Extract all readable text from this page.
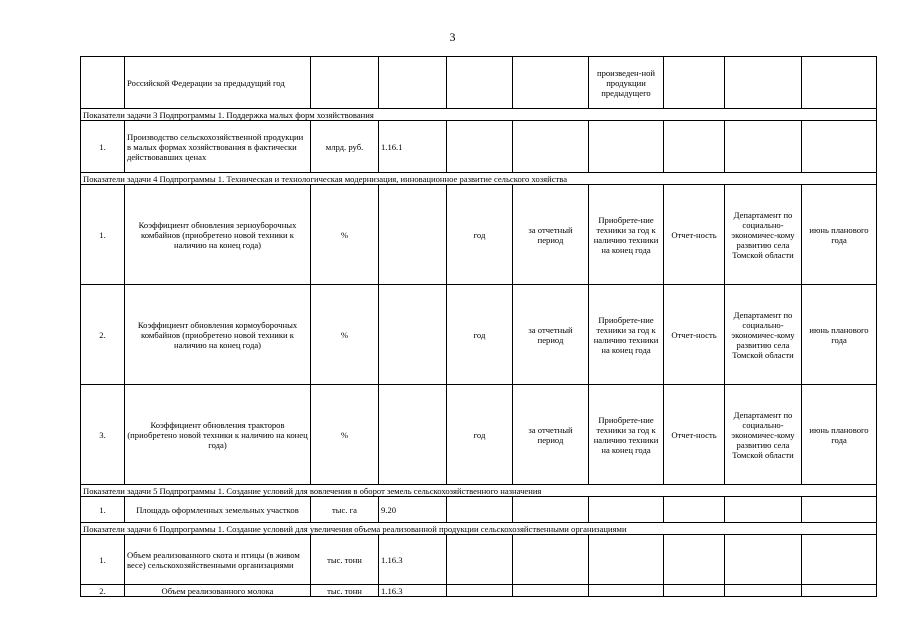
3
	Российской Федерации за предыдущий год					произведен-ной продукции предыдущего			
Показатели задачи 3 Подпрограммы 1. Поддержка малых форм хозяйствования									
1.	Производство сельскохозяйственной продукции в малых формах хозяйствования в фактически действовавших ценах	млрд. руб.	1.16.1						
Показатели задачи 4 Подпрограммы 1. Техническая и технологическая модернизация, инновационное развитие сельского хозяйства									
1.	Коэффициент обновления зерноуборочных комбайнов (приобретено новой техники к наличию на конец года)	%		год	за отчетный период	Приобрете-ние техники за год к наличию техники на конец года	Отчет-ность	Департамент по социально-экономичес-кому развитию села Томской области	июнь планового года
2.	Коэффициент обновления кормоуборочных комбайнов (приобретено новой техники к наличию на конец года)	%		год	за отчетный период	Приобрете-ние техники за год к наличию техники на конец года	Отчет-ность	Департамент по социально-экономичес-кому развитию села Томской области	июнь планового года
3.	Коэффициент обновления тракторов (приобретено новой техники к наличию на конец года)	%		год	за отчетный период	Приобрете-ние техники за год к наличию техники на конец года	Отчет-ность	Департамент по социально-экономичес-кому развитию села Томской области	июнь планового года
Показатели задачи 5 Подпрограммы 1. Создание условий для вовлечения в оборот земель сельскохозяйственного назначения									
1.	Площадь оформленных земельных участков	тыс. га	9.20						
Показатели задачи 6 Подпрограммы 1. Создание условий для увеличения объема реализованной продукции сельскохозяйственными организациями									
1.	Объем реализованного скота и птицы (в живом весе) сельскохозяйственными организациями	тыс. тонн	1.16.3						
2.	Объем реализованного молока	тыс. тонн	1.16.3						
